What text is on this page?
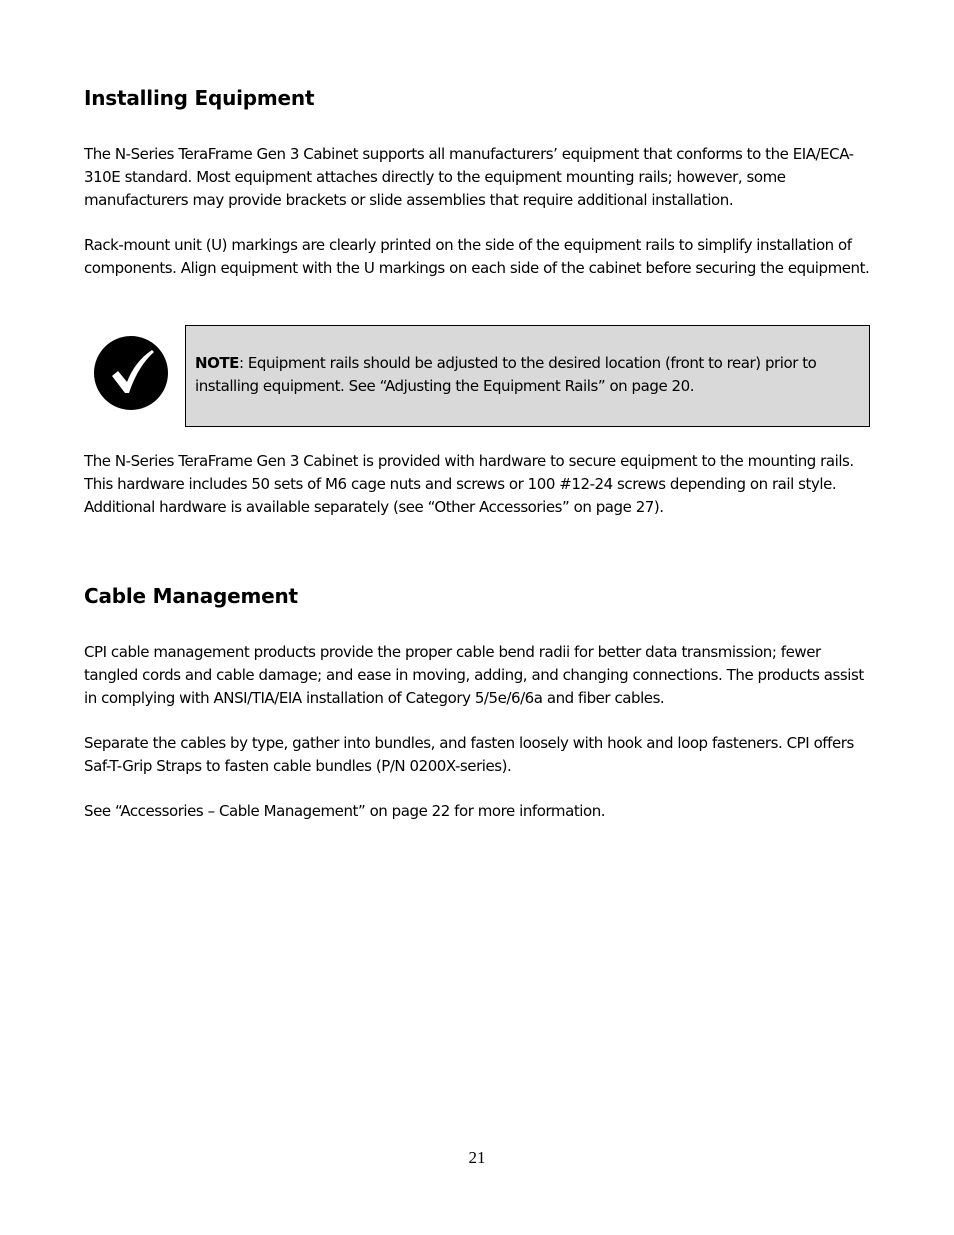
Installing Equipment

The N-Series TeraFrame Gen 3 Cabinet supports all manufacturers’ equipment that conforms to the EIA/ECA-310E standard. Most equipment attaches directly to the equipment mounting rails; however, some manufacturers may provide brackets or slide assemblies that require additional installation.

Rack-mount unit (U) markings are clearly printed on the side of the equipment rails to simplify installation of components. Align equipment with the U markings on each side of the cabinet before securing the equipment.

NOTE: Equipment rails should be adjusted to the desired location (front to rear) prior to installing equipment. See “Adjusting the Equipment Rails” on page 20.

The N-Series TeraFrame Gen 3 Cabinet is provided with hardware to secure equipment to the mounting rails. This hardware includes 50 sets of M6 cage nuts and screws or 100 #12-24 screws depending on rail style. Additional hardware is available separately (see “Other Accessories” on page 27).

Cable Management

CPI cable management products provide the proper cable bend radii for better data transmission; fewer tangled cords and cable damage; and ease in moving, adding, and changing connections. The products assist in complying with ANSI/TIA/EIA installation of Category 5/5e/6/6a and fiber cables.

Separate the cables by type, gather into bundles, and fasten loosely with hook and loop fasteners. CPI offers Saf-T-Grip Straps to fasten cable bundles (P/N 0200X-series).

See “Accessories – Cable Management” on page 22 for more information.

21
